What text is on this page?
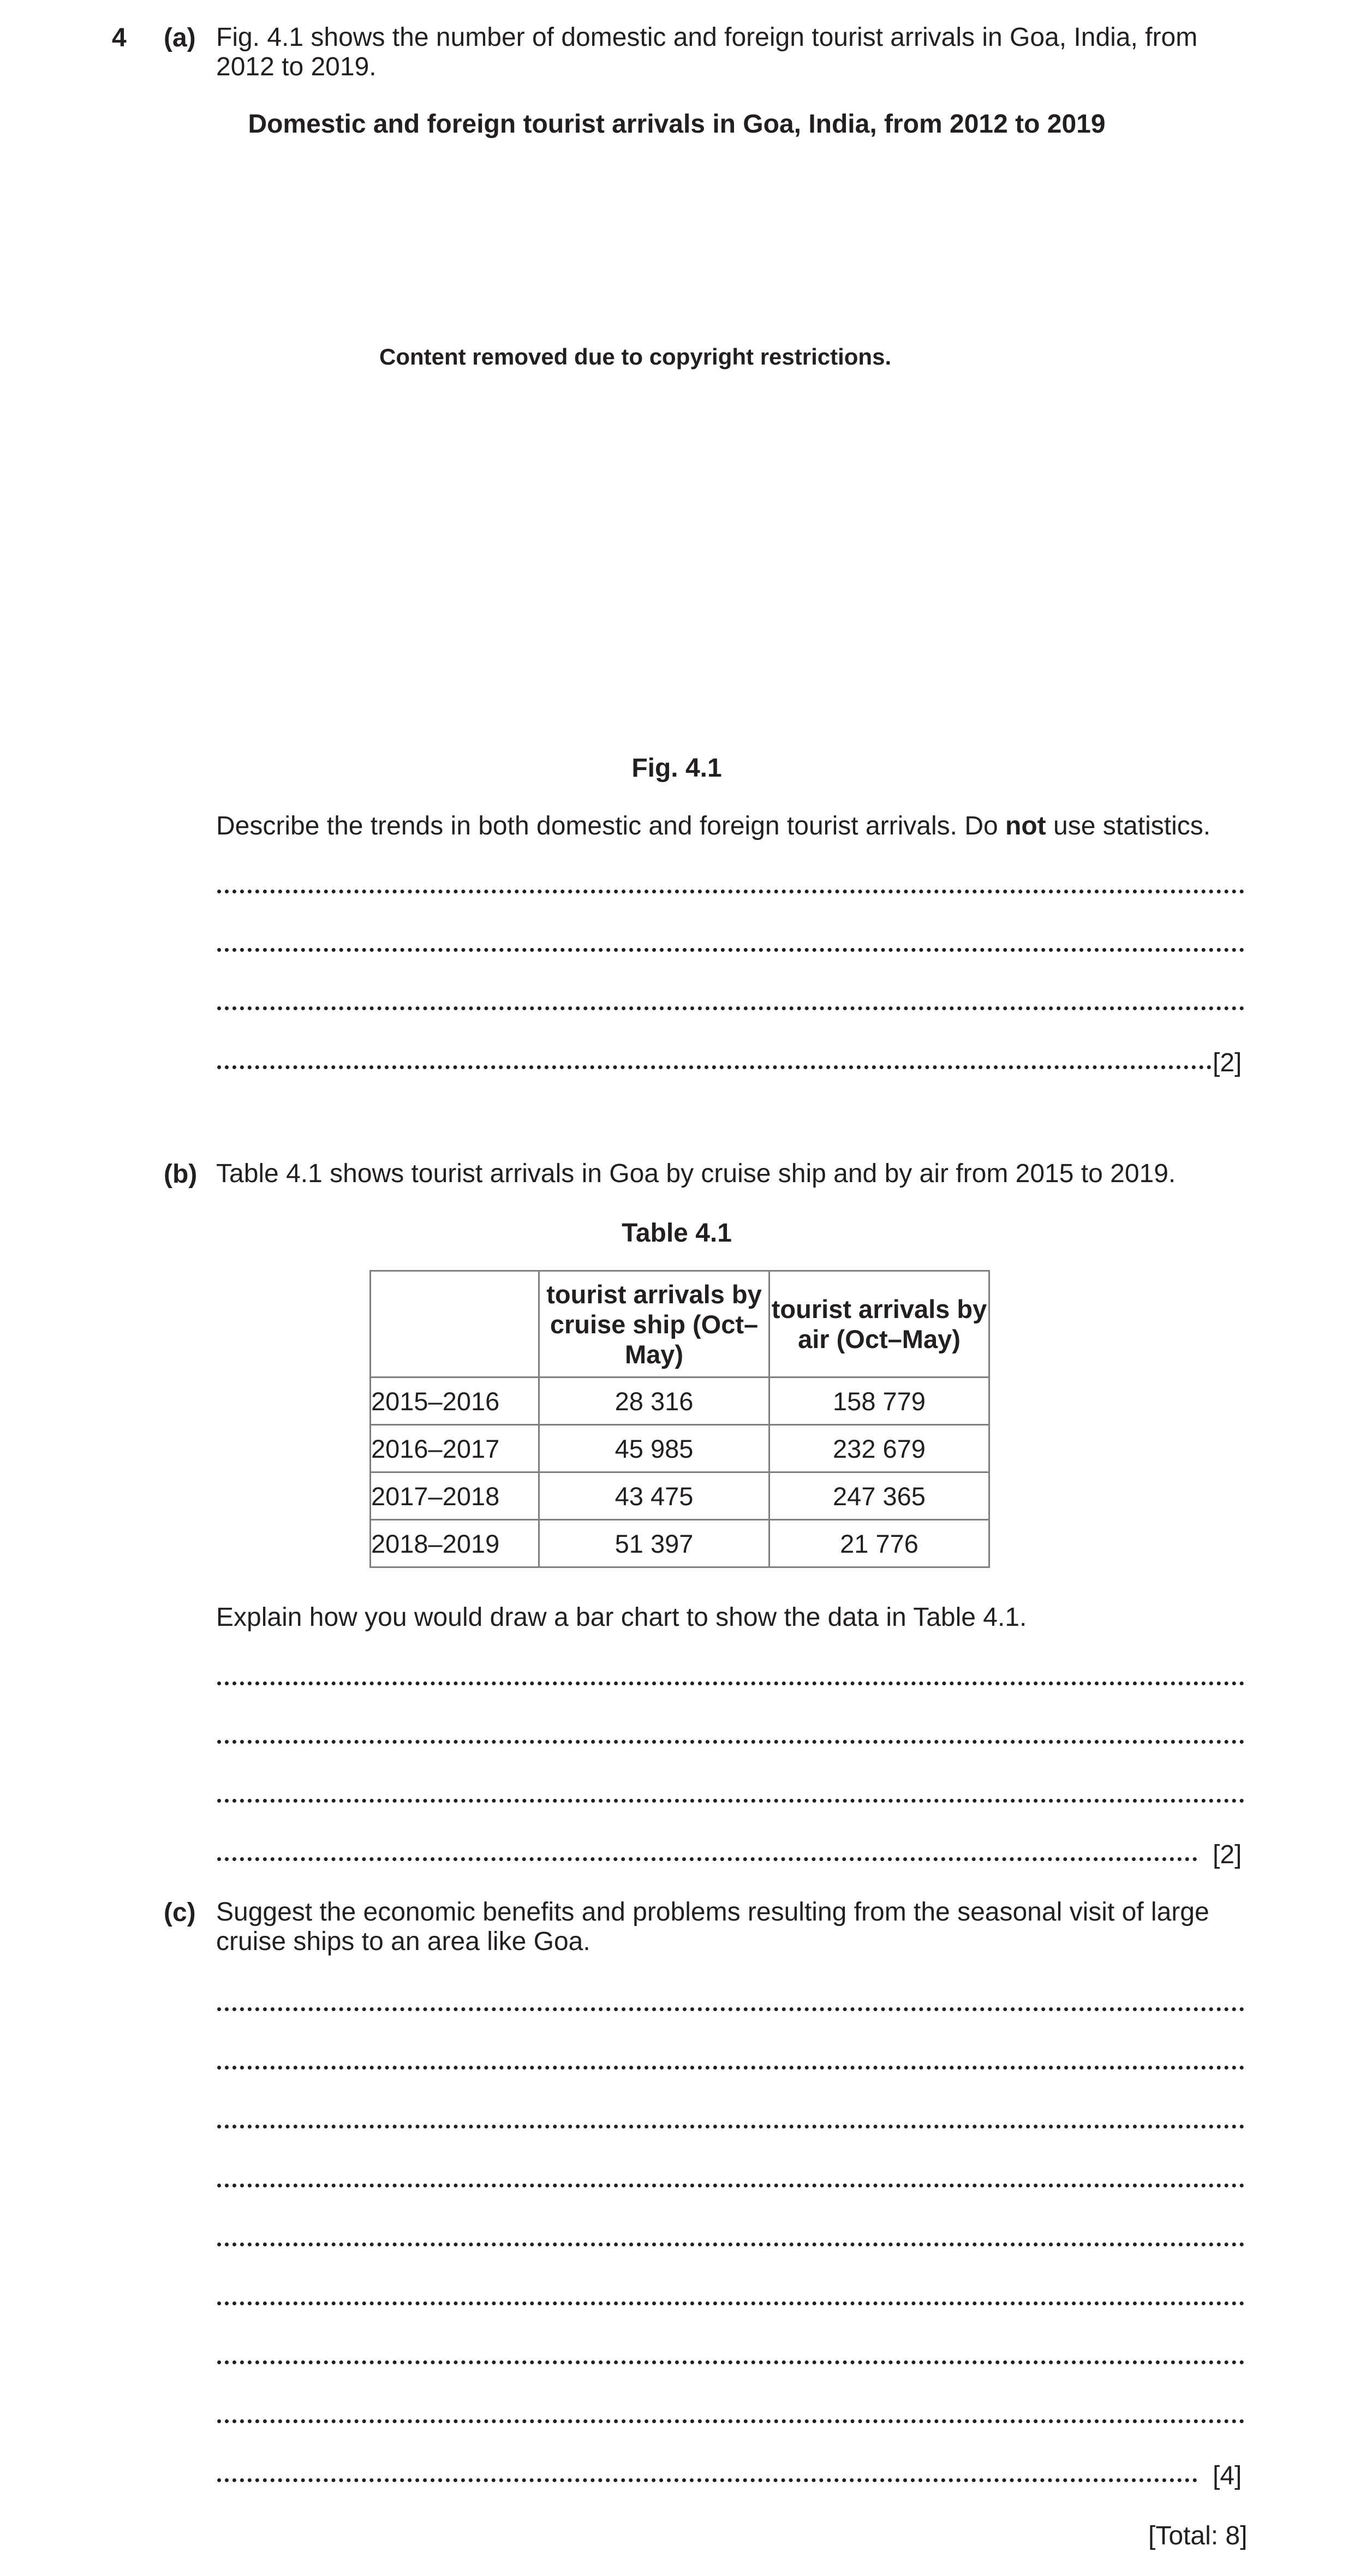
4 (a) Fig. 4.1 shows the number of domestic and foreign tourist arrivals in Goa, India, from 2012 to 2019.

Domestic and foreign tourist arrivals in Goa, India, from 2012 to 2019

Content removed due to copyright restrictions.

Fig. 4.1

Describe the trends in both domestic and foreign tourist arrivals. Do not use statistics.

[2]

(b) Table 4.1 shows tourist arrivals in Goa by cruise ship and by air from 2015 to 2019.

Table 4.1

	tourist arrivals by cruise ship (Oct–May)	tourist arrivals by air (Oct–May)
2015–2016	28 316	158 779
2016–2017	45 985	232 679
2017–2018	43 475	247 365
2018–2019	51 397	21 776

Explain how you would draw a bar chart to show the data in Table 4.1.

[2]

(c) Suggest the economic benefits and problems resulting from the seasonal visit of large cruise ships to an area like Goa.

[4]
[Total: 8]
